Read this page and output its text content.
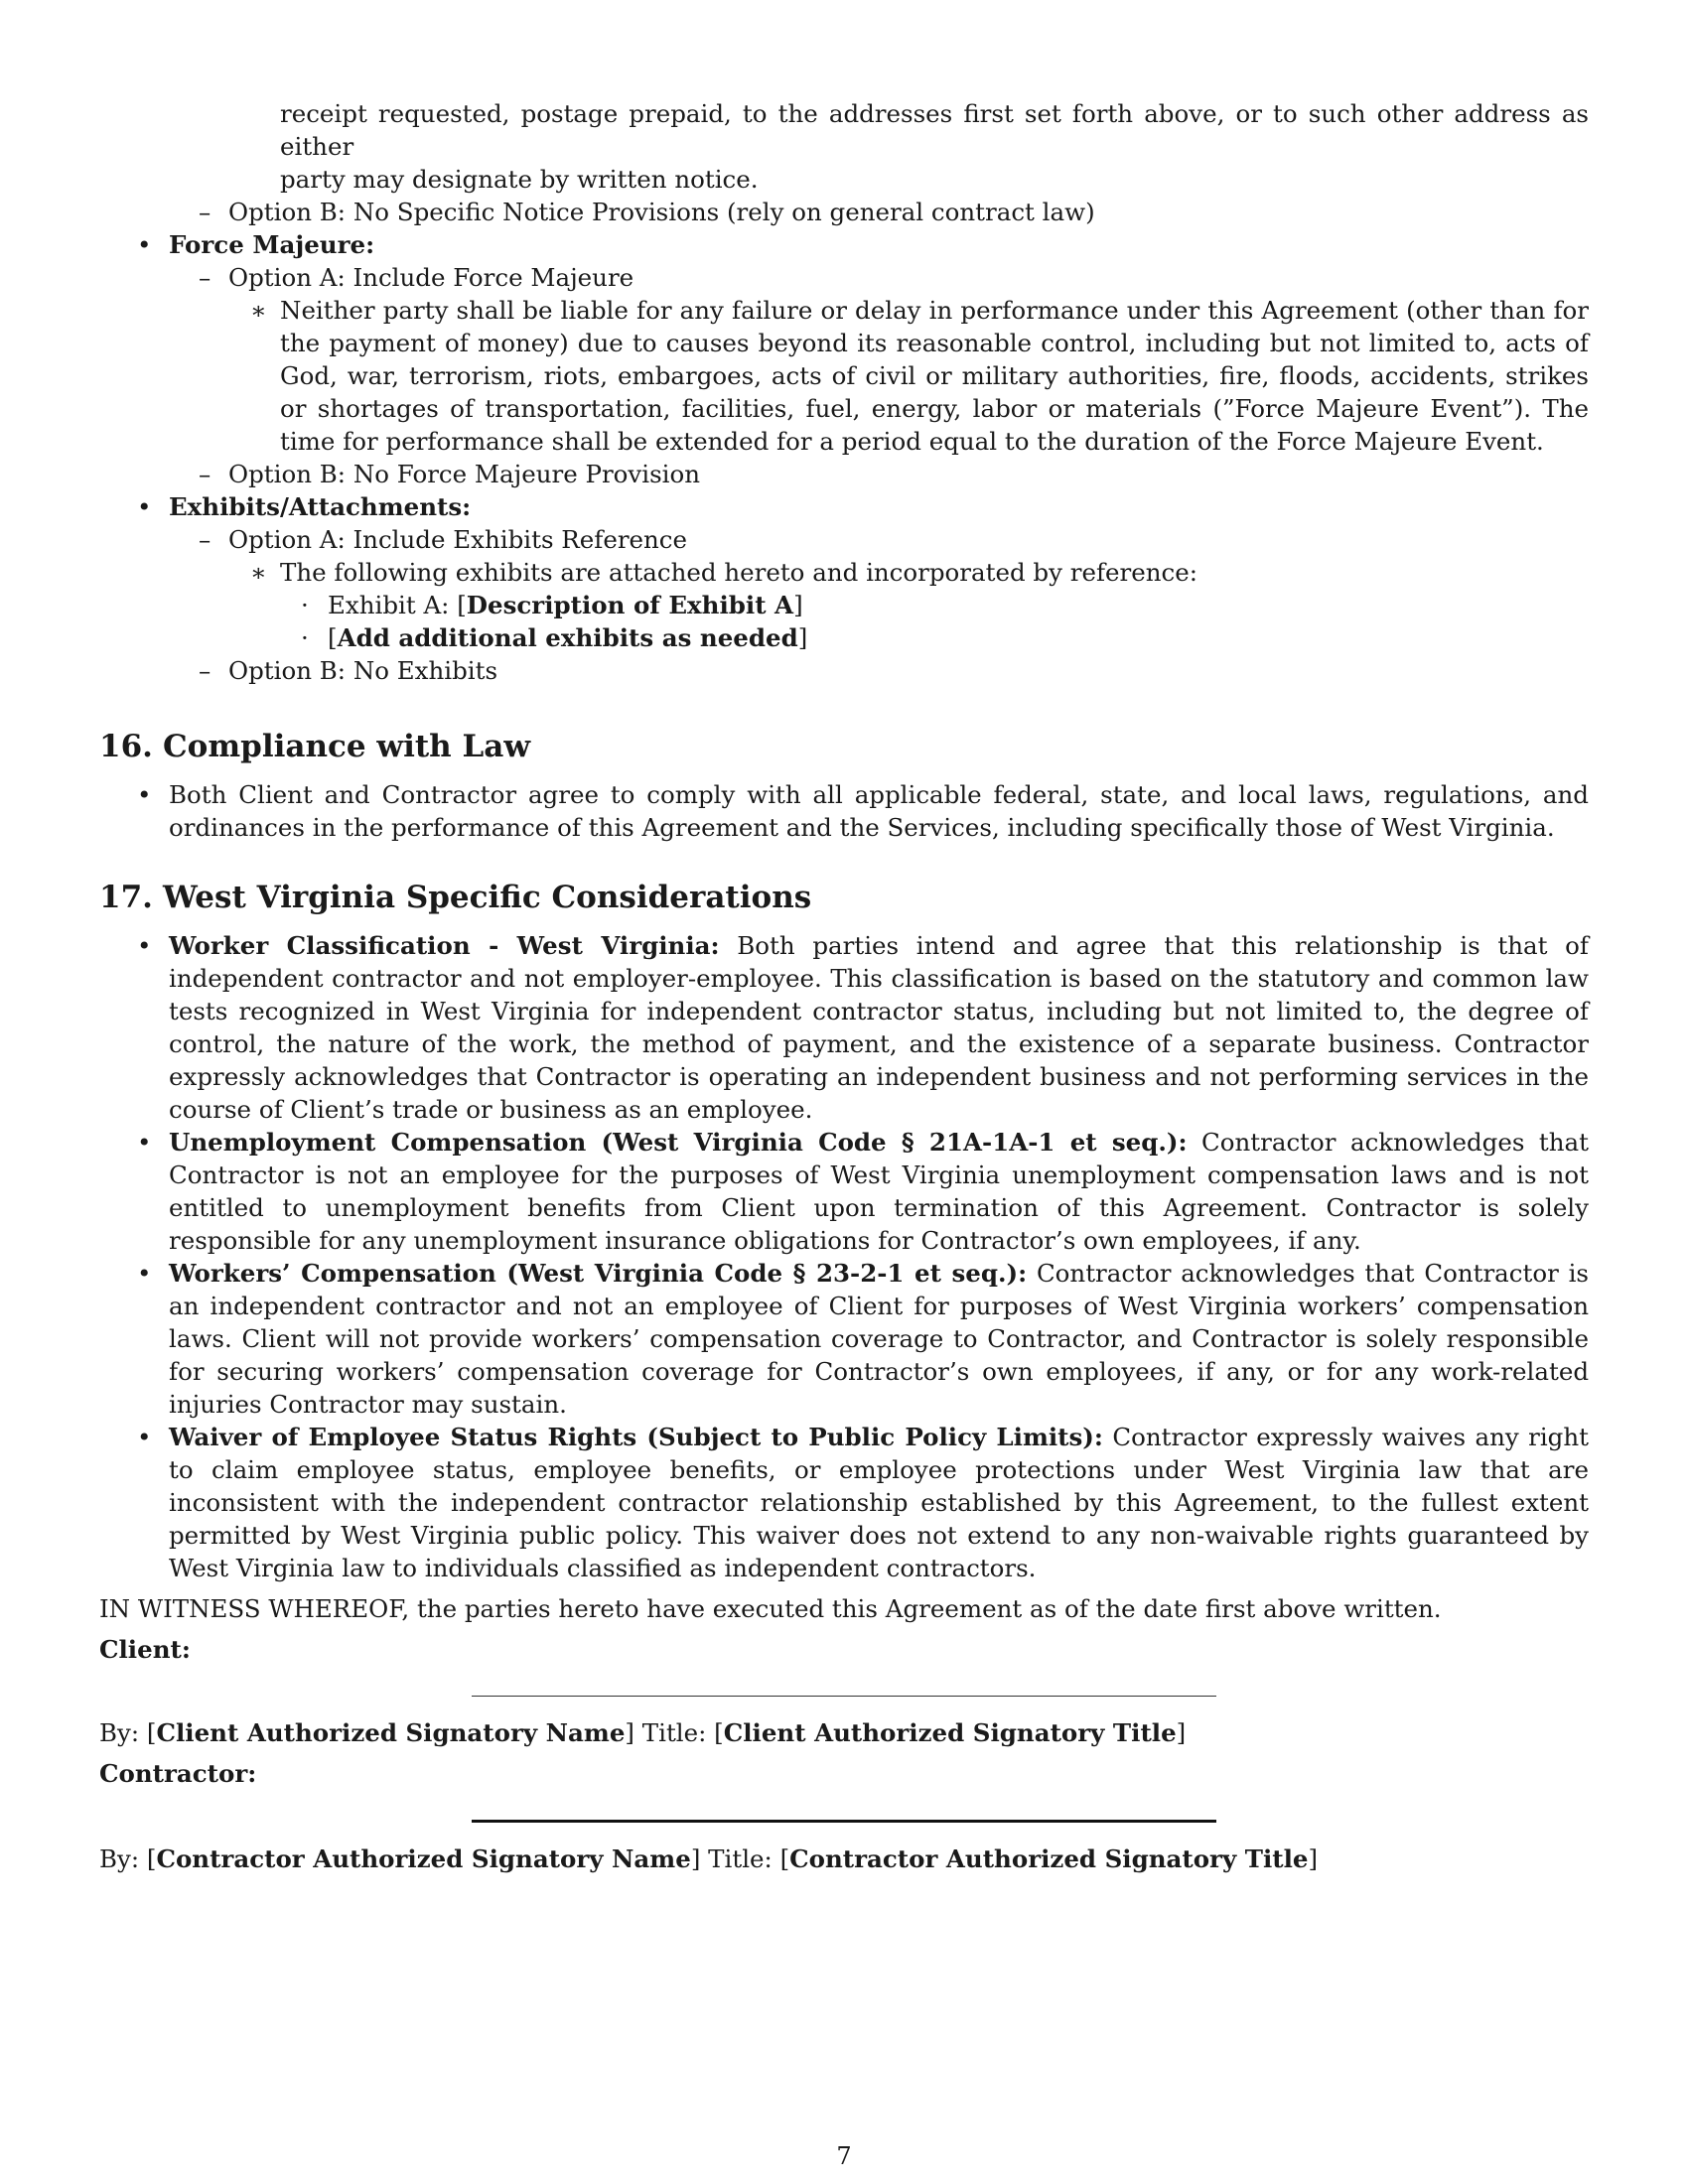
receipt requested, postage prepaid, to the addresses first set forth above, or to such other address as either

party may designate by written notice.

– Option B: No Specific Notice Provisions (rely on general contract law)

• Force Majeure:

– Option A: Include Force Majeure

∗ Neither party shall be liable for any failure or delay in performance under this Agreement (other than for the payment of money) due to causes beyond its reasonable control, including but not limited to, acts of God, war, terrorism, riots, embargoes, acts of civil or military authorities, fire, floods, accidents, strikes or shortages of transportation, facilities, fuel, energy, labor or materials (”Force Majeure Event”). The time for performance shall be extended for a period equal to the duration of the Force Majeure Event.

– Option B: No Force Majeure Provision

• Exhibits/Attachments:

– Option A: Include Exhibits Reference

∗ The following exhibits are attached hereto and incorporated by reference:

· Exhibit A: [Description of Exhibit A]

· [Add additional exhibits as needed]

– Option B: No Exhibits

16. Compliance with Law
• Both Client and Contractor agree to comply with all applicable federal, state, and local laws, regulations, and ordinances in the performance of this Agreement and the Services, including specifically those of West Virginia.

17. West Virginia Specific Considerations
• Worker Classification - West Virginia: Both parties intend and agree that this relationship is that of independent contractor and not employer-employee. This classification is based on the statutory and common law tests recognized in West Virginia for independent contractor status, including but not limited to, the degree of control, the nature of the work, the method of payment, and the existence of a separate business. Contractor expressly acknowledges that Contractor is operating an independent business and not performing services in the course of Client’s trade or business as an employee.

• Unemployment Compensation (West Virginia Code § 21A-1A-1 et seq.): Contractor acknowledges that Contractor is not an employee for the purposes of West Virginia unemployment compensation laws and is not entitled to unemployment benefits from Client upon termination of this Agreement. Contractor is solely responsible for any unemployment insurance obligations for Contractor’s own employees, if any.

• Workers’ Compensation (West Virginia Code § 23-2-1 et seq.): Contractor acknowledges that Contractor is an independent contractor and not an employee of Client for purposes of West Virginia workers’ compensation laws. Client will not provide workers’ compensation coverage to Contractor, and Contractor is solely responsible for securing workers’ compensation coverage for Contractor’s own employees, if any, or for any work-related injuries Contractor may sustain.

• Waiver of Employee Status Rights (Subject to Public Policy Limits): Contractor expressly waives any right to claim employee status, employee benefits, or employee protections under West Virginia law that are inconsistent with the independent contractor relationship established by this Agreement, to the fullest extent permitted by West Virginia public policy. This waiver does not extend to any non-waivable rights guaranteed by West Virginia law to individuals classified as independent contractors.

IN WITNESS WHEREOF, the parties hereto have executed this Agreement as of the date first above written.

Client:

By: [Client Authorized Signatory Name] Title: [Client Authorized Signatory Title]

Contractor:

By: [Contractor Authorized Signatory Name] Title: [Contractor Authorized Signatory Title]

7
